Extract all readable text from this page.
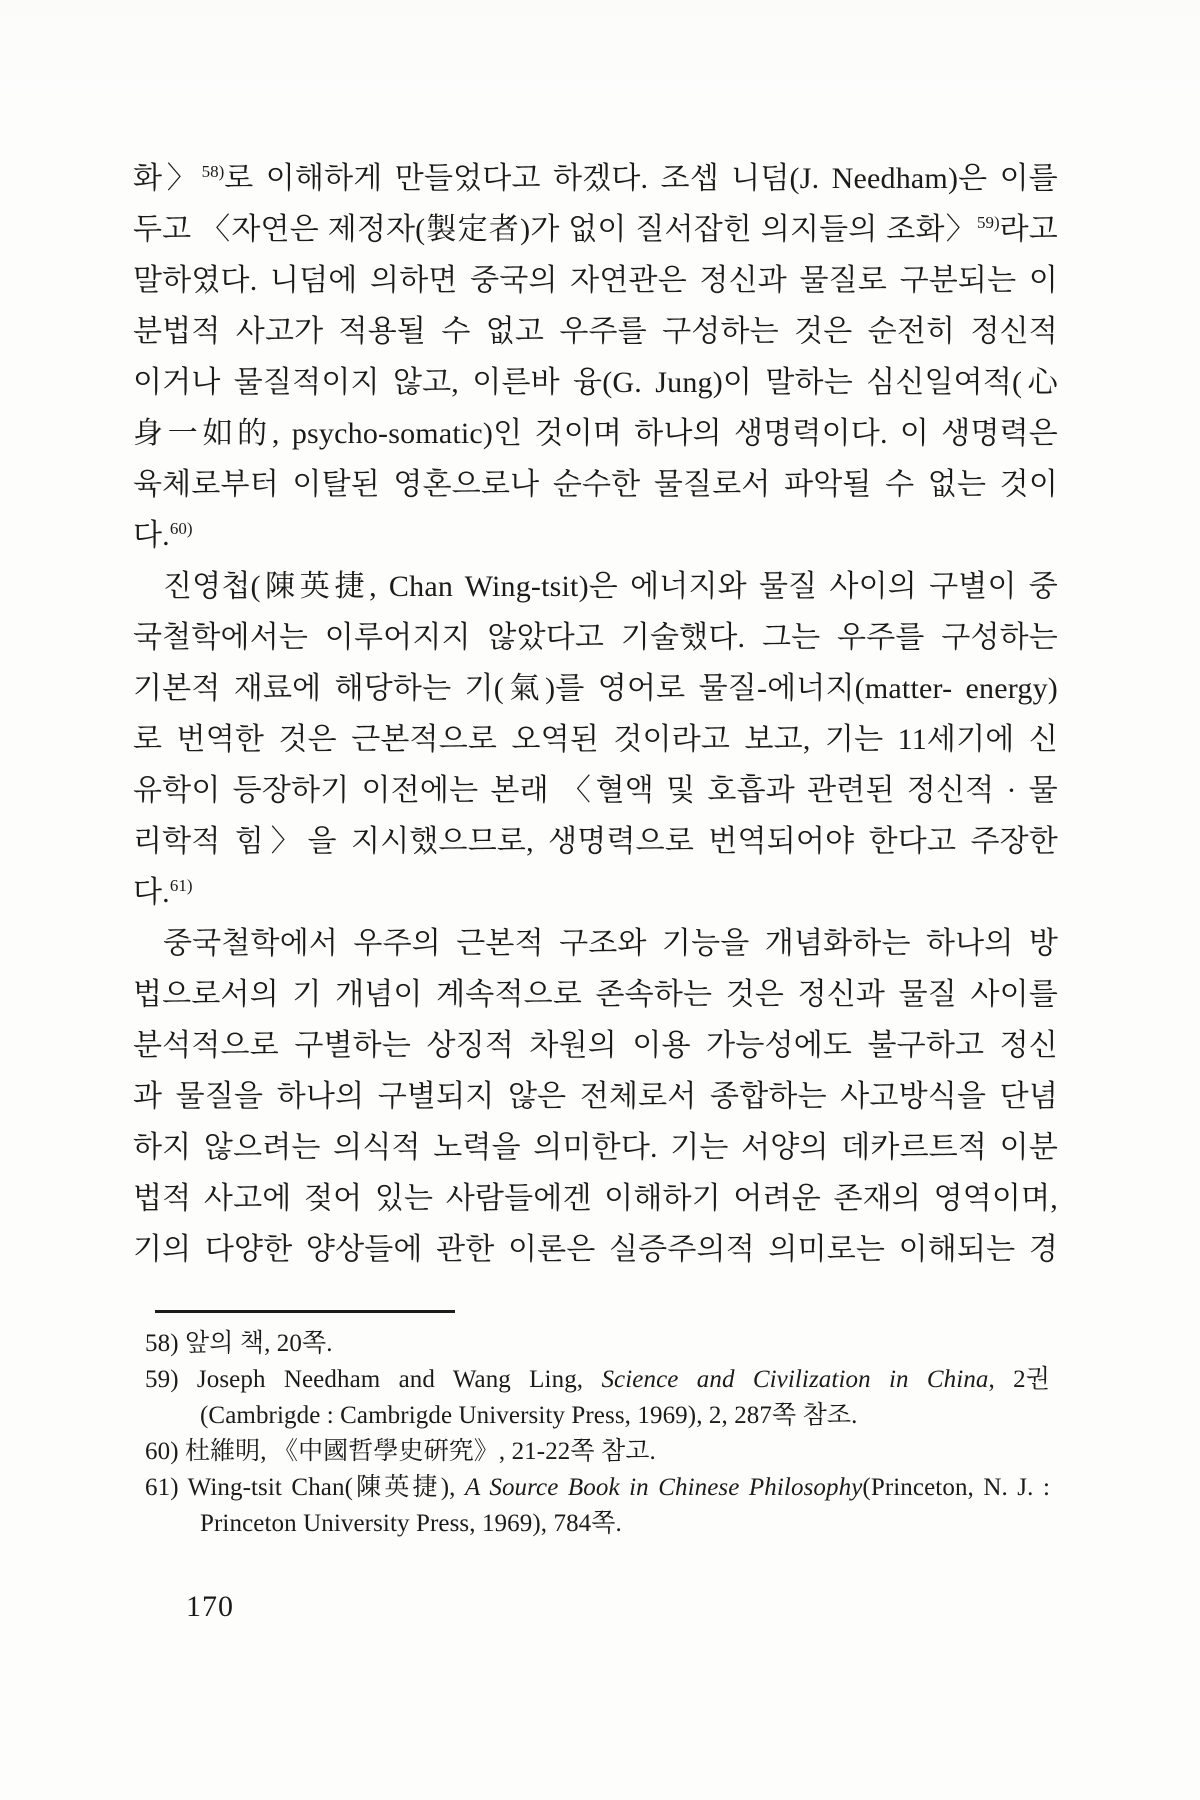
화〉$^{58)}$로 이해하게 만들었다고 하겠다. 조셉 니덤(J. Needham)은 이를
두고 〈자연은 제정자(製定者)가 없이 질서잡힌 의지들의 조화〉$^{59)}$라고
말하였다. 니덤에 의하면 중국의 자연관은 정신과 물질로 구분되는 이
분법적 사고가 적용될 수 없고 우주를 구성하는 것은 순전히 정신적
이거나 물질적이지 않고, 이른바 융(G. Jung)이 말하는 심신일여적(心
身一如的, psycho-somatic)인 것이며 하나의 생명력이다. 이 생명력은
육체로부터 이탈된 영혼으로나 순수한 물질로서 파악될 수 없는 것이
다.$^{60)}$
진영첩(陳英捷, Chan Wing-tsit)은 에너지와 물질 사이의 구별이 중
국철학에서는 이루어지지 않았다고 기술했다. 그는 우주를 구성하는
기본적 재료에 해당하는 기(氣)를 영어로 물질-에너지(matter- energy)
로 번역한 것은 근본적으로 오역된 것이라고 보고, 기는 11세기에 신
유학이 등장하기 이전에는 본래 〈혈액 및 호흡과 관련된 정신적 · 물
리학적 힘〉을 지시했으므로, 생명력으로 번역되어야 한다고 주장한
다.$^{61)}$
중국철학에서 우주의 근본적 구조와 기능을 개념화하는 하나의 방
법으로서의 기 개념이 계속적으로 존속하는 것은 정신과 물질 사이를
분석적으로 구별하는 상징적 차원의 이용 가능성에도 불구하고 정신
과 물질을 하나의 구별되지 않은 전체로서 종합하는 사고방식을 단념
하지 않으려는 의식적 노력을 의미한다. 기는 서양의 데카르트적 이분
법적 사고에 젖어 있는 사람들에겐 이해하기 어려운 존재의 영역이며,
기의 다양한 양상들에 관한 이론은 실증주의적 의미로는 이해되는 경
58) 앞의 책, 20쪽.
59) Joseph Needham and Wang Ling, Science and Civilization in China, 2권
(Cambrigde : Cambrigde University Press, 1969), 2, 287쪽 참조.
60) 杜維明, 《中國哲學史硏究》, 21-22쪽 참고.
61) Wing-tsit Chan(陳英捷), A Source Book in Chinese Philosophy(Princeton, N. J. :
Princeton University Press, 1969), 784쪽.
170
